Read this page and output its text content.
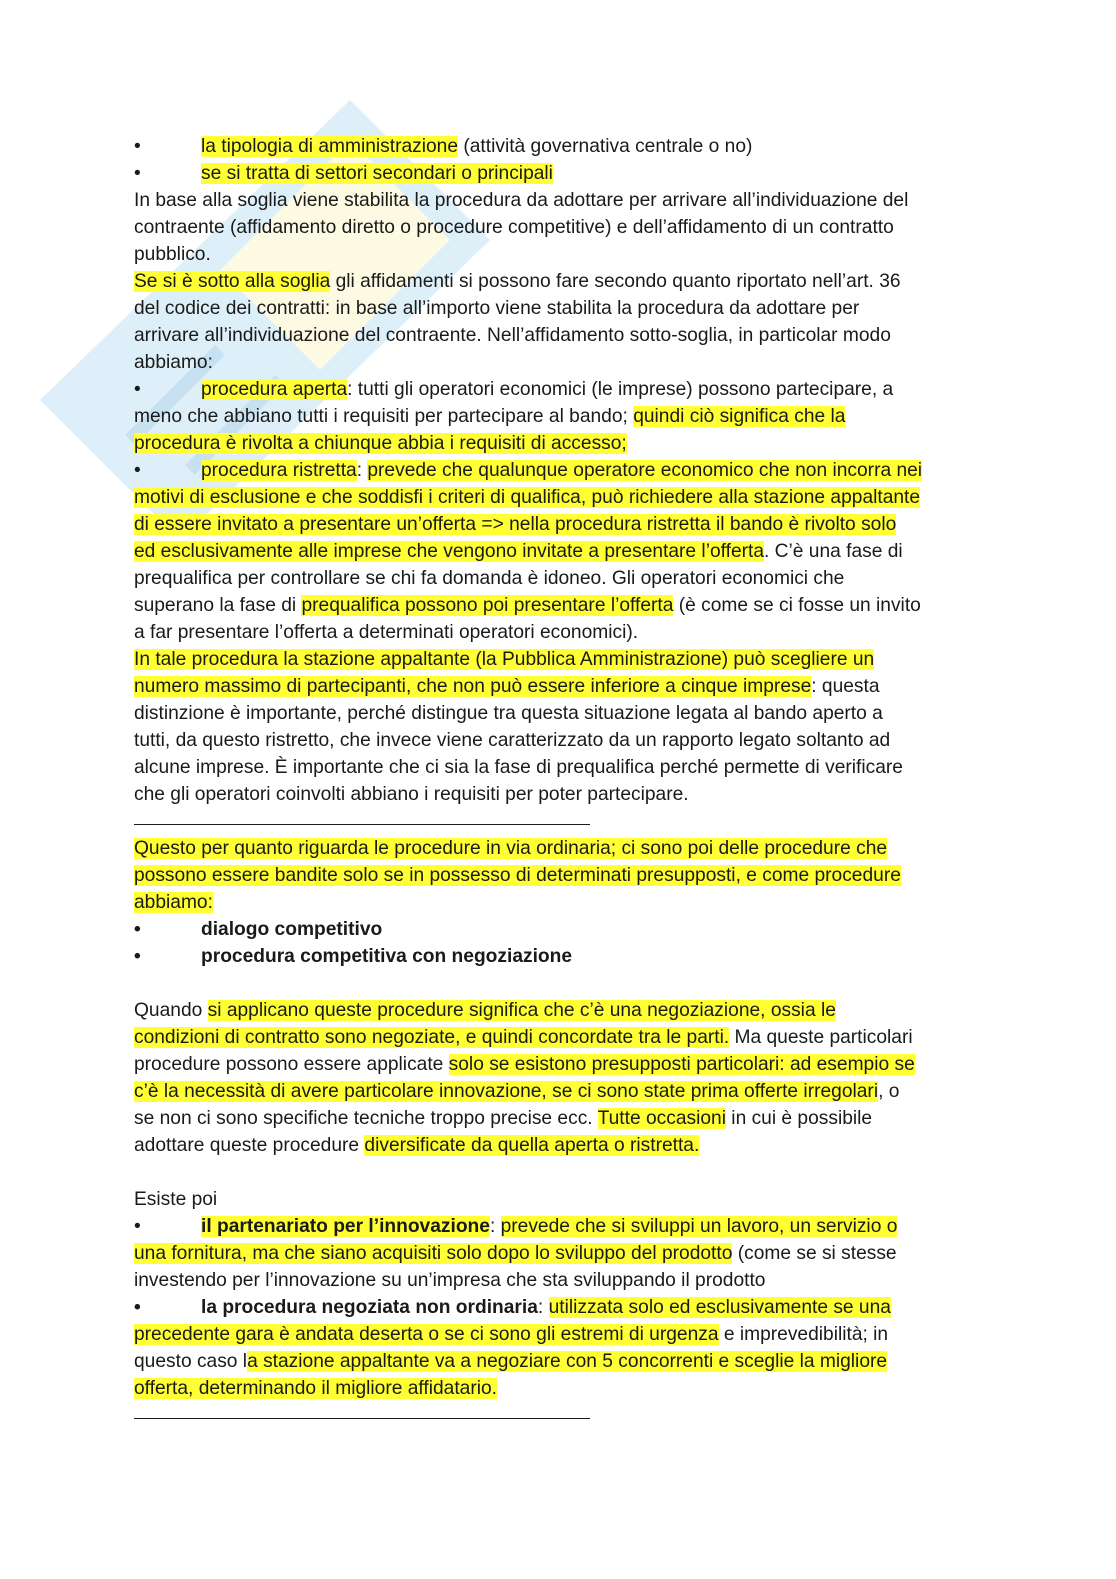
•	la tipologia di amministrazione (attività governativa centrale o no)
•	se si tratta di settori secondari o principali
In base alla soglia viene stabilita la procedura da adottare per arrivare all’individuazione del
contraente (affidamento diretto o procedure competitive) e dell’affidamento di un contratto
pubblico.
Se si è sotto alla soglia gli affidamenti si possono fare secondo quanto riportato nell’art. 36
del codice dei contratti: in base all’importo viene stabilita la procedura da adottare per
arrivare all’individuazione del contraente. Nell’affidamento sotto-soglia, in particolar modo
abbiamo:
•	procedura aperta: tutti gli operatori economici (le imprese) possono partecipare, a
meno che abbiano tutti i requisiti per partecipare al bando; quindi ciò significa che la
procedura è rivolta a chiunque abbia i requisiti di accesso;
•	procedura ristretta: prevede che qualunque operatore economico che non incorra nei
motivi di esclusione e che soddisfi i criteri di qualifica, può richiedere alla stazione appaltante
di essere invitato a presentare un’offerta => nella procedura ristretta il bando è rivolto solo
ed esclusivamente alle imprese che vengono invitate a presentare l’offerta. C’è una fase di
prequalifica per controllare se chi fa domanda è idoneo. Gli operatori economici che
superano la fase di prequalifica possono poi presentare l’offerta (è come se ci fosse un invito
a far presentare l’offerta a determinati operatori economici).
In tale procedura la stazione appaltante (la Pubblica Amministrazione) può scegliere un
numero massimo di partecipanti, che non può essere inferiore a cinque imprese: questa
distinzione è importante, perché distingue tra questa situazione legata al bando aperto a
tutti, da questo ristretto, che invece viene caratterizzato da un rapporto legato soltanto ad
alcune imprese. È importante che ci sia la fase di prequalifica perché permette di verificare
che gli operatori coinvolti abbiano i requisiti per poter partecipare.
Questo per quanto riguarda le procedure in via ordinaria; ci sono poi delle procedure che
possono essere bandite solo se in possesso di determinati presupposti, e come procedure
abbiamo:
•	dialogo competitivo
•	procedura competitiva con negoziazione
Quando si applicano queste procedure significa che c’è una negoziazione, ossia le
condizioni di contratto sono negoziate, e quindi concordate tra le parti. Ma queste particolari
procedure possono essere applicate solo se esistono presupposti particolari: ad esempio se
c’è la necessità di avere particolare innovazione, se ci sono state prima offerte irregolari, o
se non ci sono specifiche tecniche troppo precise ecc. Tutte occasioni in cui è possibile
adottare queste procedure diversificate da quella aperta o ristretta.
Esiste poi
•	il partenariato per l’innovazione: prevede che si sviluppi un lavoro, un servizio o
una fornitura, ma che siano acquisiti solo dopo lo sviluppo del prodotto (come se si stesse
investendo per l’innovazione su un’impresa che sta sviluppando il prodotto
•	la procedura negoziata non ordinaria: utilizzata solo ed esclusivamente se una
precedente gara è andata deserta o se ci sono gli estremi di urgenza e imprevedibilità; in
questo caso la stazione appaltante va a negoziare con 5 concorrenti e sceglie la migliore
offerta, determinando il migliore affidatario.
